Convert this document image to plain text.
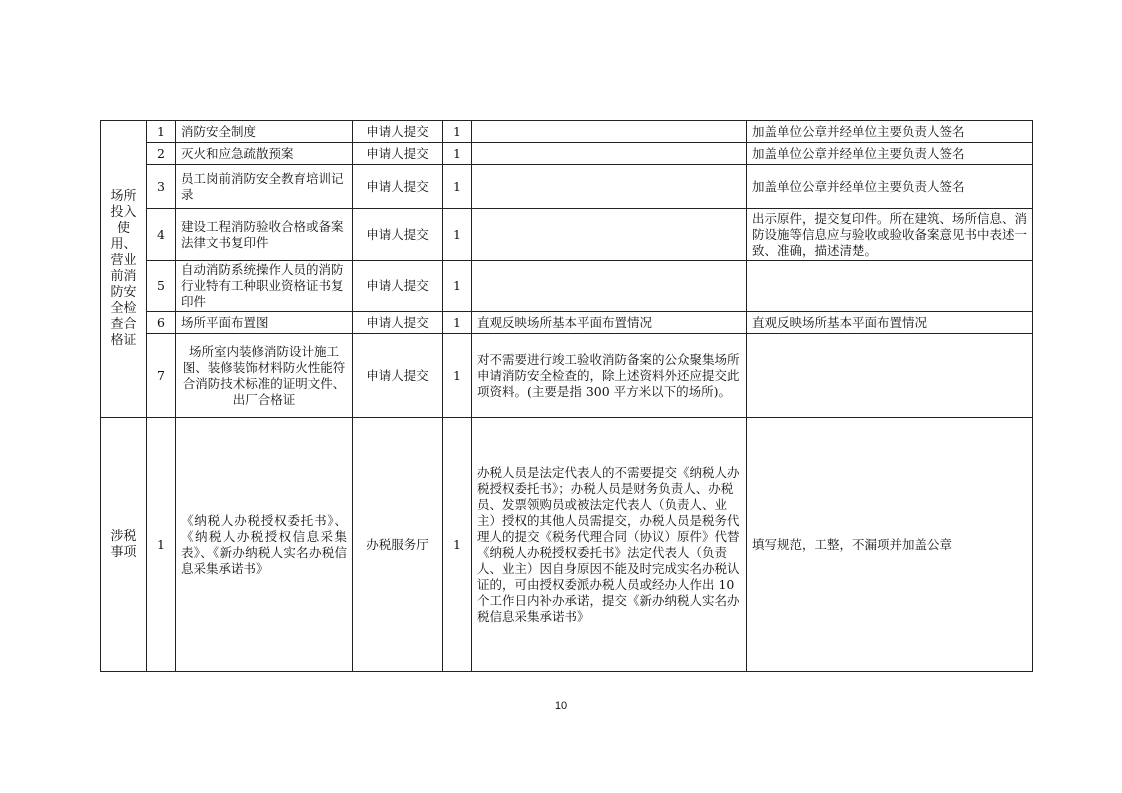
场所投入使用、营业前消防安全检查合格证	1	消防安全制度	申请人提交	1		加盖单位公章并经单位主要负责人签名
	2	灭火和应急疏散预案	申请人提交	1		加盖单位公章并经单位主要负责人签名
	3	员工岗前消防安全教育培训记录	申请人提交	1		加盖单位公章并经单位主要负责人签名
	4	建设工程消防验收合格或备案法律文书复印件	申请人提交	1		出示原件，提交复印件。所在建筑、场所信息、消防设施等信息应与验收或验收备案意见书中表述一致、准确，描述清楚。
	5	自动消防系统操作人员的消防行业特有工种职业资格证书复印件	申请人提交	1		
	6	场所平面布置图	申请人提交	1	直观反映场所基本平面布置情况	直观反映场所基本平面布置情况
	7	场所室内装修消防设计施工图、装修装饰材料防火性能符合消防技术标准的证明文件、出厂合格证	申请人提交	1	对不需要进行竣工验收消防备案的公众聚集场所申请消防安全检查的，除上述资料外还应提交此项资料。(主要是指 300 平方米以下的场所)。	
涉税事项	1	《纳税人办税授权委托书》、《纳税人办税授权信息采集表》、《新办纳税人实名办税信息采集承诺书》	办税服务厅	1	办税人员是法定代表人的不需要提交《纳税人办税授权委托书》；办税人员是财务负责人、办税员、发票领购员或被法定代表人（负责人、业主）授权的其他人员需提交，办税人员是税务代理人的提交《税务代理合同（协议）原件》代替《纳税人办税授权委托书》法定代表人（负责人、业主）因自身原因不能及时完成实名办税认证的，可由授权委派办税人员或经办人作出 10 个工作日内补办承诺，提交《新办纳税人实名办税信息采集承诺书》	填写规范，工整，不漏项并加盖公章
10
